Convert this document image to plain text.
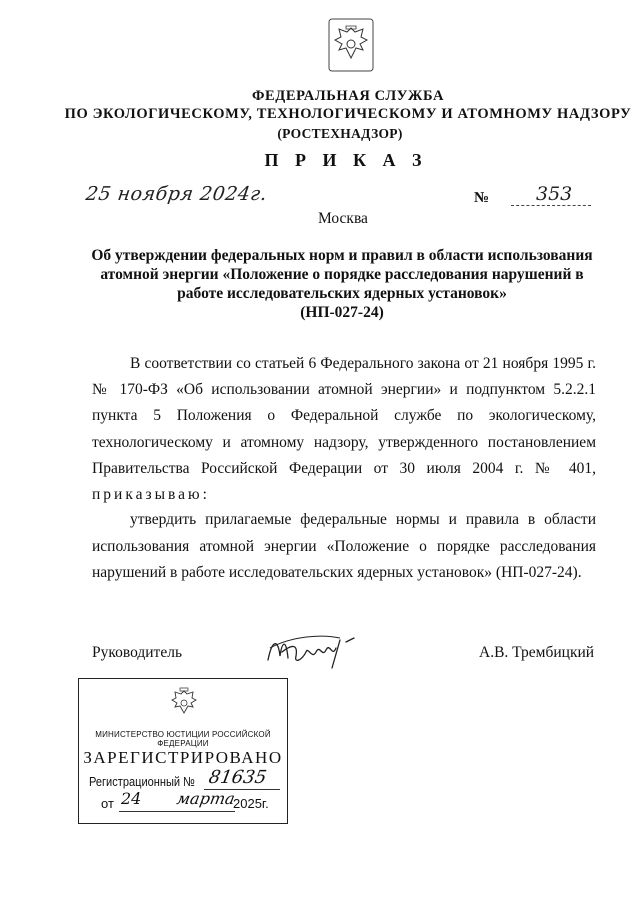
ФЕДЕРАЛЬНАЯ СЛУЖБА
ПО ЭКОЛОГИЧЕСКОМУ, ТЕХНОЛОГИЧЕСКОМУ И АТОМНОМУ НАДЗОРУ
(РОСТЕХНАДЗОР)
П Р И К А З
25 ноября 2024г.	№ 353
Москва
Об утверждении федеральных норм и правил в области использования
атомной энергии «Положение о порядке расследования нарушений в
работе исследовательских ядерных установок»
(НП-027-24)
В соответствии со статьей 6 Федерального закона от 21 ноября 1995 г.
№ 170-ФЗ «Об использовании атомной энергии» и подпунктом 5.2.2.1
пункта 5 Положения о Федеральной службе по экологическому,
технологическому и атомному надзору, утвержденного постановлением
Правительства Российской Федерации от 30 июля 2004 г. № 401,
приказываю:
утвердить прилагаемые федеральные нормы и правила в области
использования атомной энергии «Положение о порядке расследования
нарушений в работе исследовательских ядерных установок» (НП-027-24).
Руководитель	А.В. Трембицкий
МИНИСТЕРСТВО ЮСТИЦИИ РОССИЙСКОЙ ФЕДЕРАЦИИ
ЗАРЕГИСТРИРОВАНО
Регистрационный № 81635
от 24 марта
2025г.
